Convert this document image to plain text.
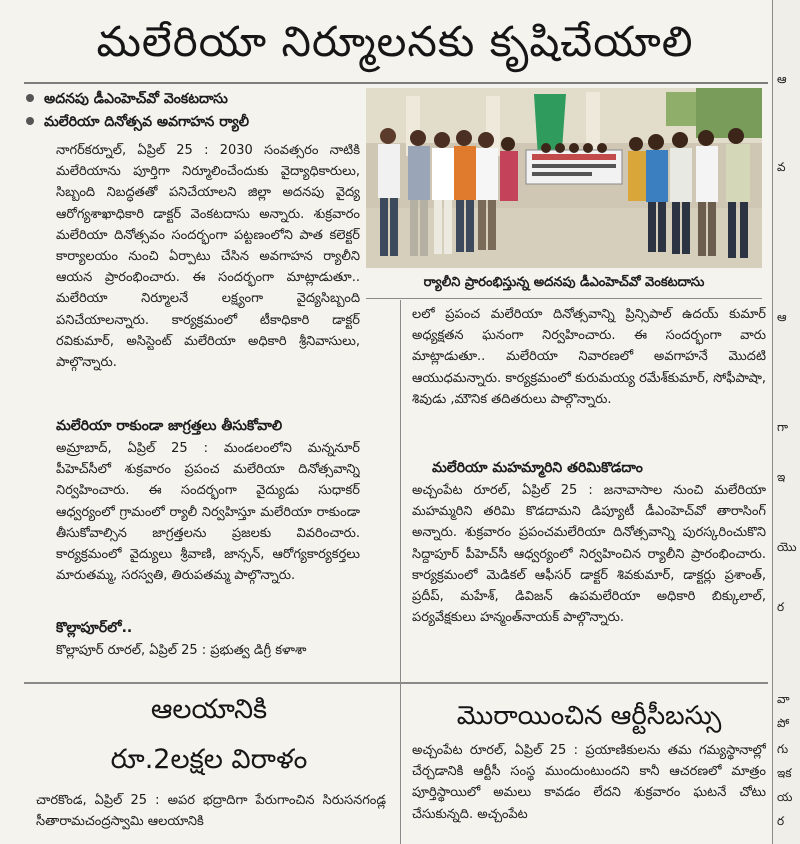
మలేరియా నిర్మూలనకు కృషిచేయాలి
ఆ
వ
ఆ
గా
ఇ
యొ
ర
వా
పో
గు
ఇక
య
ర
అదనపు డీఎంహెచ్‌వో వెంకటదాసు
మలేరియా దినోత్సవ అవగాహన ర్యాలీ

నాగర్‌కర్నూల్, ఏప్రిల్ 25 : 2030 సంవత్సరం నాటికి మలేరియాను పూర్తిగా నిర్మూలించేందుకు వైద్యాధికారులు, సిబ్బంది నిబద్ధతతో పనిచేయాలని జిల్లా అదనపు వైద్య ఆరోగ్యశాఖాధికారి డాక్టర్ వెంకటదాసు అన్నారు. శుక్రవారం మలేరియా దినోత్సవం సందర్భంగా పట్టణంలోని పాత కలెక్టర్ కార్యాలయం నుంచి ఏర్పాటు చేసిన అవగాహన ర్యాలీని ఆయన ప్రారంభించారు. ఈ సందర్భంగా మాట్లాడుతూ.. మలేరియా నిర్మూలనే లక్ష్యంగా వైద్యసిబ్బంది పనిచేయాలన్నారు. కార్యక్రమంలో టీకాధికారి డాక్టర్ రవికుమార్, అసిస్టెంట్ మలేరియా అధికారి శ్రీనివాసులు, పాల్గొన్నారు.

మలేరియా రాకుండా జాగ్రత్తలు తీసుకోవాలి

అమ్రాబాద్, ఏప్రిల్ 25 : మండలంలోని మన్ననూర్ పీహెచ్‌సీలో శుక్రవారం ప్రపంచ మలేరియా దినోత్సవాన్ని నిర్వహించారు. ఈ సందర్భంగా వైద్యుడు సుధాకర్ ఆధ్వర్యంలో గ్రామంలో ర్యాలీ నిర్వహిస్తూ మలేరియా రాకుండా తీసుకోవాల్సిన జాగ్రత్తలను ప్రజలకు వివరించారు. కార్యక్రమంలో వైద్యులు శ్రీవాణి, జాన్సన్, ఆరోగ్యకార్యకర్తలు మారుతమ్మ, సరస్వతి, తిరుపతమ్మ పాల్గొన్నారు.

కొల్లాపూర్‌లో..

కొల్లాపూర్ రూరల్, ఏప్రిల్ 25 : ప్రభుత్వ డిగ్రీ కళాశా

ర్యాలీని ప్రారంభిస్తున్న అదనపు డీఎంహెచ్‌వో వెంకటదాసు

లలో ప్రపంచ మలేరియా దినోత్సవాన్ని ప్రిన్సిపాల్ ఉదయ్ కుమార్ అధ్యక్షతన ఘనంగా నిర్వహించారు. ఈ సందర్భంగా వారు మాట్లాడుతూ.. మలేరియా నివారణలో అవగాహనే మొదటి ఆయుధమన్నారు. కార్యక్రమంలో కురుమయ్య రమేశ్‌కుమార్, సోఫీపాషా, శివుడు ,మౌనిక తదితరులు పాల్గొన్నారు.

మలేరియా మహమ్మారిని తరిమికొడదాం

అచ్చంపేట రూరల్, ఏప్రిల్ 25 : జనావాసాల నుంచి మలేరియా మహమ్మరిని తరిమి కొడదామని డిప్యూటీ డీఎంహెచ్‌వో తారాసింగ్ అన్నారు. శుక్రవారం ప్రపంచమలేరియా దినోత్సవాన్ని పురస్కరించుకొని సిద్దాపూర్ పీహెచ్‌సీ ఆధ్వర్యంలో నిర్వహించిన ర్యాలీని ప్రారంభించారు. కార్యక్రమంలో మెడికల్ ఆఫీసర్ డాక్టర్ శివకుమార్, డాక్టర్లు ప్రశాంత్, ప్రదీప్, మహేశ్, డివిజన్ ఉపమలేరియా అధికారి బిక్కులాల్, పర్యవేక్షకులు హన్మంత్‌నాయక్ పాల్గొన్నారు.

ఆలయానికి
రూ.2లక్షల విరాళం

చారకొండ, ఏప్రిల్ 25 : అపర భద్రాదిగా పేరుగాంచిన సిరుసనగండ్ల సీతారామచంద్రస్వామి ఆలయానికి

మొరాయించిన ఆర్టీసీబస్సు

అచ్చంపేట రూరల్, ఏప్రిల్ 25 : ప్రయాణికులను తమ గమ్యస్థానాల్లో చేర్చడానికి ఆర్టీసీ సంస్థ ముందుంటుందని కానీ ఆచరణలో మాత్రం పూర్తిస్థాయిలో అమలు కావడం లేదని శుక్రవారం ఘటనే చోటు చేసుకున్నది. అచ్చంపేట
